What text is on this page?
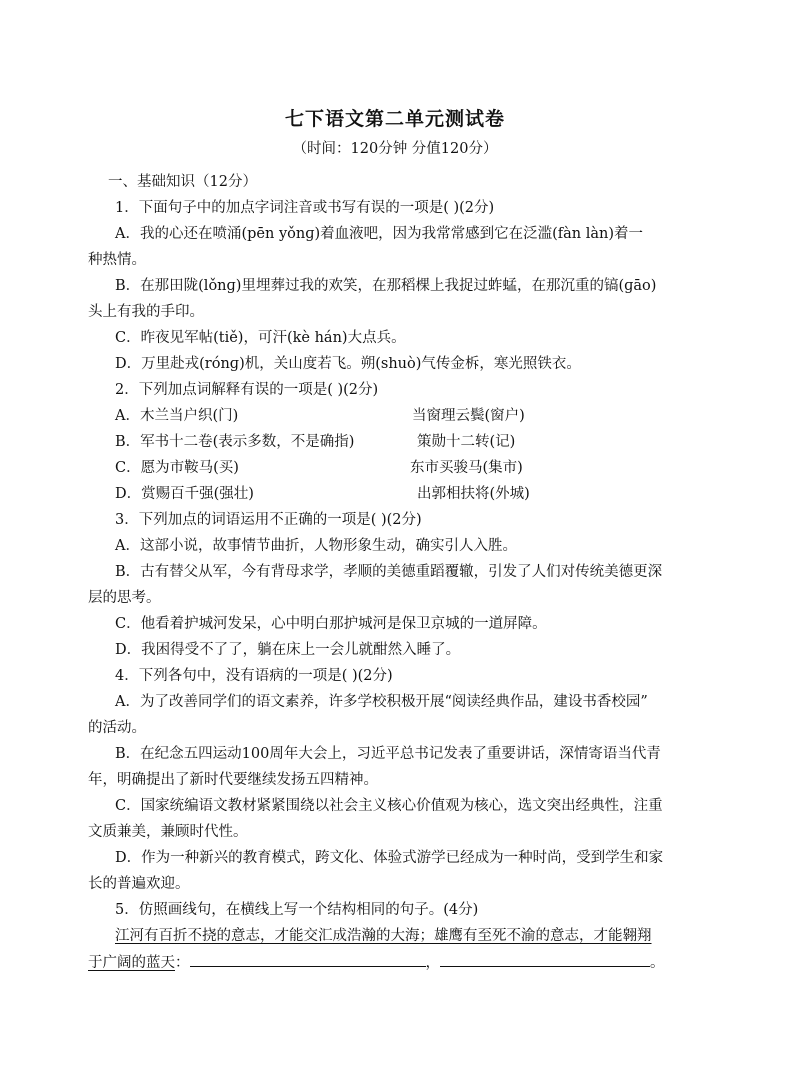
七下语文第二单元测试卷
（时间：120分钟 分值120分）
一、基础知识（12分）
1．下面句子中的加点字词注音或书写有误的一项是( )(2分)
A．我的心还在喷涌(pēn yǒnɡ)着血液吧，因为我常常感到它在泛滥(fàn làn)着一
种热情。
B．在那田陇(lǒnɡ)里埋葬过我的欢笑，在那稻棵上我捉过蚱蜢，在那沉重的镐(ɡāo)
头上有我的手印。
C．昨夜见军帖(tiě)，可汗(kè hán)大点兵。
D．万里赴戎(rónɡ)机，关山度若飞。朔(shuò)气传金柝，寒光照铁衣。
2．下列加点词解释有误的一项是( )(2分)
A．木兰当户织(门)	当窗理云鬓(窗户)
B．军书十二卷(表示多数，不是确指)	策勋十二转(记)
C．愿为市鞍马(买)	东市买骏马(集市)
D．赏赐百千强(强壮)	出郭相扶将(外城)
3．下列加点的词语运用不正确的一项是( )(2分)
A．这部小说，故事情节曲折，人物形象生动，确实引人入胜。
B．古有替父从军，今有背母求学，孝顺的美德重蹈覆辙，引发了人们对传统美德更深
层的思考。
C．他看着护城河发呆，心中明白那护城河是保卫京城的一道屏障。
D．我困得受不了了，躺在床上一会儿就酣然入睡了。
4．下列各句中，没有语病的一项是( )(2分)
A．为了改善同学们的语文素养，许多学校积极开展“阅读经典作品，建设书香校园”
的活动。
B．在纪念五四运动100周年大会上，习近平总书记发表了重要讲话，深情寄语当代青
年，明确提出了新时代要继续发扬五四精神。
C．国家统编语文教材紧紧围绕以社会主义核心价值观为核心，选文突出经典性，注重
文质兼美，兼顾时代性。
D．作为一种新兴的教育模式，跨文化、体验式游学已经成为一种时尚，受到学生和家
长的普遍欢迎。
5．仿照画线句，在横线上写一个结构相同的句子。(4分)
江河有百折不挠的意志，才能交汇成浩瀚的大海；雄鹰有至死不渝的意志，才能翱翔
于广阔的蓝天：	，	。
